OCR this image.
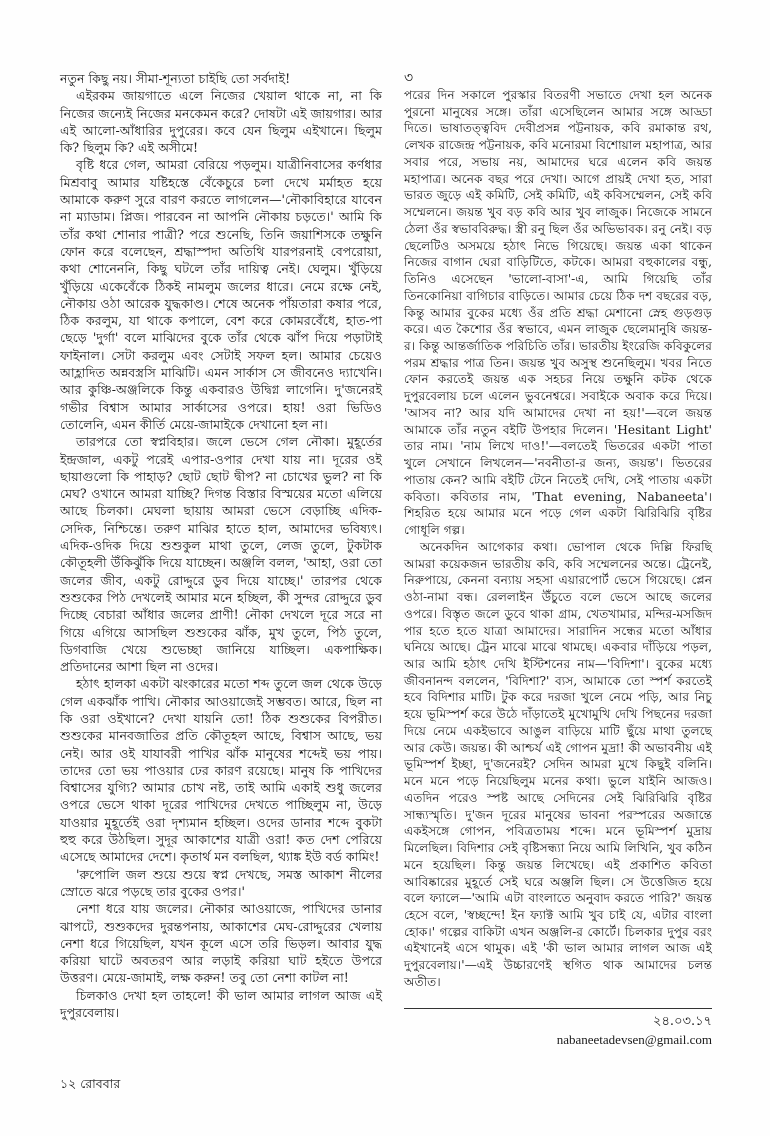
নতুন কিছু নয়। সীমা-শূন্যতা চাইছি তো সর্বদাই!

এইরকম জায়গাতে এলে নিজের খেয়াল থাকে না, না কি নিজের জন্যেই নিজের মনকেমন করে? দোষটা এই জায়গার। আর এই আলো-আঁধারির দুপুরের। কবে যেন ছিলুম এইখানে। ছিলুম কি? ছিলুম কি? এই অসীমে!

বৃষ্টি ধরে গেল, আমরা বেরিয়ে পড়লুম। যাত্রীনিবাসের কর্ণধার মিশ্রবাবু আমার যষ্টিহস্তে বেঁকেচুরে চলা দেখে মর্মাহত হয়ে আমাকে করুণ সুরে বারণ করতে লাগলেন—'নৌকাবিহারে যাবেন না ম্যাডাম। প্লিজ। পারবেন না আপনি নৌকায় চড়তে।' আমি কি তাঁর কথা শোনার পাত্রী? পরে শুনেছি, তিনি জয়াশিসকে তক্ষুনি ফোন করে বলেছেন, শ্রদ্ধাস্পদা অতিথি যারপরনাই বেপরোয়া, কথা শোনেননি, কিছু ঘটলে তাঁর দায়িত্ব নেই। ঘেলুম। খুঁড়িয়ে খুঁড়িয়ে একেবেঁকে ঠিকই নামলুম জলের ধারে। নেমে রক্ষে নেই, নৌকায় ওঠা আরেক যুদ্ধকাণ্ড। শেষে অনেক পাঁয়তারা কষার পরে, ঠিক করলুম, যা থাকে কপালে, বেশ করে কোমরবেঁধে, হাত-পা ছেড়ে 'দুর্গা' বলে মাঝিদের বুকে তাঁর থেকে ঝাঁপ দিয়ে পড়াটাই ফাইনাল। সেটা করলুম এবং সেটাই সফল হল। আমার চেয়েও আহ্লাদিত অন্নবস্ত্রসি মাঝিটি। এমন সার্কাস সে জীবনেও দ্যাখেনি। আর কুঞ্চি-অঞ্জলিকে কিন্তু একবারও উদ্বিগ্ন লাগেনি। দু'জনেরই গভীর বিশ্বাস আমার সার্কাসের ওপরে। হায়! ওরা ভিডিও তোলেনি, এমন কীর্তি মেয়ে-জামাইকে দেখানো হল না।

তারপরে তো স্বপ্নবিহার। জলে ভেসে গেল নৌকা। মুহূর্তের ইন্দ্রজাল, একটু পরেই এপার-ওপার দেখা যায় না। দূরের ওই ছায়াগুলো কি পাহাড়? ছোট ছোট দ্বীপ? না চোখের ভুল? না কি মেঘ? ওখানে আমরা যাচ্ছি? দিগন্ত বিস্তার বিস্ময়ের মতো এলিয়ে আছে চিলকা। মেঘলা ছায়ায় আমরা ভেসে বেড়াচ্ছি এদিক-সেদিক, নিশ্চিন্তে। তরুণ মাঝির হাতে হাল, আমাদের ভবিষ্যৎ। এদিক-ওদিক দিয়ে শুশুকুল মাথা তুলে, লেজ তুলে, টুকটাক কৌতূহলী উঁকিঝুঁকি দিয়ে যাচ্ছেন। অঞ্জলি বলল, 'আহা, ওরা তো জলের জীব, একটু রোদ্দুরে ডুব দিয়ে যাচ্ছে।' তারপর থেকে শুশুকের পিঠ দেখলেই আমার মনে হচ্ছিল, কী সুন্দর রোদ্দুরে ডুব দিচ্ছে বেচারা আঁধার জলের প্রাণী! নৌকা দেখলে দূরে সরে না গিয়ে এগিয়ে আসছিল শুশুকের ঝাঁক, মুখ তুলে, পিঠ তুলে, ডিগবাজি খেয়ে শুভেচ্ছা জানিয়ে যাচ্ছিল। একপাক্ষিক। প্রতিদানের আশা ছিল না ওদের।

হঠাৎ হালকা একটা ঝংকারের মতো শব্দ তুলে জল থেকে উড়ে গেল একঝাঁক পাখি। নৌকার আওয়াজেই সম্ভবত। আরে, ছিল না কি ওরা ওইখানে? দেখা যায়নি তো! ঠিক শুশুকের বিপরীত। শুশুকের মানবজাতির প্রতি কৌতূহল আছে, বিশ্বাস আছে, ভয় নেই। আর ওই যাযাবরী পাখির ঝাঁক মানুষের শব্দেই ভয় পায়। তাদের তো ভয় পাওয়ার ঢের কারণ রয়েছে। মানুষ কি পাখিদের বিশ্বাসের যুগ্যি? আমার চোখ নষ্ট, তাই আমি একাই শুধু জলের ওপরে ভেসে থাকা দূরের পাখিদের দেখতে পাচ্ছিলুম না, উড়ে যাওয়ার মুহূর্তেই ওরা দৃশ্যমান হচ্ছিল। ওদের ডানার শব্দে বুকটা হুহু করে উঠছিল। সুদূর আকাশের যাত্রী ওরা! কত দেশ পেরিয়ে এসেছে আমাদের দেশে। কৃতার্থ মন বলছিল, থ্যাঙ্ক ইউ বর্ড কামিং!

'রুপোলি জল শুয়ে শুয়ে স্বপ্ন দেখছে, সমস্ত আকাশ নীলের স্রোতে ঝরে পড়ছে তার বুকের ওপর।'

নেশা ধরে যায় জলের। নৌকার আওয়াজে, পাখিদের ডানার ঝাপটে, শুশুকদের দুরন্তপনায়, আকাশের মেঘ-রোদ্দুরের খেলায় নেশা ধরে গিয়েছিল, যখন কূলে এসে তরি ভিড়ল। আবার যুদ্ধ করিয়া ঘাটে অবতরণ আর লড়াই করিয়া ঘাট হইতে উপরে উত্তরণ। মেয়ে-জামাই, লক্ষ করুন! তবু তো নেশা কাটল না!

চিলকাও দেখা হল তাহলে! কী ভাল আমার লাগল আজ এই দুপুরবেলায়।

৩

পরের দিন সকালে পুরস্কার বিতরণী সভাতে দেখা হল অনেক পুরনো মানুষের সঙ্গে। তাঁরা এসেছিলেন আমার সঙ্গে আড্ডা দিতে। ভাষাতত্ত্ববিদ দেবীপ্রসন্ন পট্টনায়ক, কবি রমাকান্ত রথ, লেখক রাজেন্দ্র পট্টনায়ক, কবি মনোরমা বিশোয়াল মহাপাত্র, আর সবার পরে, সভায় নয়, আমাদের ঘরে এলেন কবি জয়ন্ত মহাপাত্র। অনেক বছর পরে দেখা। আগে প্রায়ই দেখা হত, সারা ভারত জুড়ে এই কমিটি, সেই কমিটি, এই কবিসম্মেলন, সেই কবি সম্মেলনে। জয়ন্ত খুব বড় কবি আর খুব লাজুক। নিজেকে সামনে ঠেলা ওঁর স্বভাববিরুদ্ধ। স্ত্রী রনু ছিল ওঁর অভিভাবক। রনু নেই। বড় ছেলেটিও অসময়ে হঠাৎ নিভে গিয়েছে। জয়ন্ত একা থাকেন নিজের বাগান ঘেরা বাড়িটিতে, কটকে। আমরা বহুকালের বন্ধু, তিনিও এসেছেন 'ভালো-বাসা'-এ, আমি গিয়েছি তাঁর তিনকোনিয়া বাগিচার বাড়িতে। আমার চেয়ে ঠিক দশ বছরের বড়, কিন্তু আমার বুকের মধ্যে ওঁর প্রতি শ্রদ্ধা মেশানো স্নেহ গুড়গুড় করে। এত কৈশোর ওঁর স্বভাবে, এমন লাজুক ছেলেমানুষি জয়ন্ত-র। কিন্তু আন্তর্জাতিক পরিচিতি তাঁর। ভারতীয় ইংরেজি কবিকুলের পরম শ্রদ্ধার পাত্র তিন। জয়ন্ত খুব অসুস্থ শুনেছিলুম। খবর নিতে ফোন করতেই জয়ন্ত এক সহচর নিয়ে তক্ষুনি কটক থেকে দুপুরবেলায় চলে এলেন ভুবনেশ্বরে। সবাইকে অবাক করে দিয়ে। 'আসব না? আর যদি আমাদের দেখা না হয়!'—বলে জয়ন্ত আমাকে তাঁর নতুন বইটি উপহার দিলেন। 'Hesitant Light' তার নাম। 'নাম লিখে দাও!'—বলতেই ভিতরের একটা পাতা খুলে সেখানে লিখলেন—'নবনীতা-র জন্য, জয়ন্ত'। ভিতরের পাতায় কেন? আমি বইটি টেনে নিতেই দেখি, সেই পাতায় একটা কবিতা। কবিতার নাম, 'That evening, Nabaneeta'। শিহরিত হয়ে আমার মনে পড়ে গেল একটা ঝিরিঝিরি বৃষ্টির গোধূলি গল্প।

অনেকদিন আগেকার কথা। ভোপাল থেকে দিল্লি ফিরছি আমরা কয়েকজন ভারতীয় কবি, কবি সম্মেলনের অন্তে। ট্রেনেই, নিরুপায়ে, কেননা বন্যায় সহসা এয়ারপোর্ট ভেসে গিয়েছে। প্লেন ওঠা-নামা বন্ধ। রেললাইন উঁচুতে বলে ভেসে আছে জলের ওপরে। বিস্তৃত জলে ডুবে থাকা গ্রাম, খেতখামার, মন্দির-মসজিদ পার হতে হতে যাত্রা আমাদের। সারাদিন সন্ধের মতো আঁধার ঘনিয়ে আছে। ট্রেন মাঝে মাঝে থামছে। একবার দাঁড়িয়ে পড়ল, আর আমি হঠাৎ দেখি ইস্টিশনের নাম—'বিদিশা'। বুকের মধ্যে জীবনানন্দ বললেন, 'বিদিশা?' ব্যস, আমাকে তো স্পর্শ করতেই হবে বিদিশার মাটি। টুক করে দরজা খুলে নেমে পড়ি, আর নিচু হয়ে ভূমিস্পর্শ করে উঠে দাঁড়াতেই মুখোমুখি দেখি পিছনের দরজা দিয়ে নেমে একইভাবে আঙুল বাড়িয়ে মাটি ছুঁয়ে মাথা তুলছে আর কেউ। জয়ন্ত। কী আশ্চর্য এই গোপন মুদ্রা! কী অভাবনীয় এই ভূমিস্পর্শ ইচ্ছা, দু'জনেরই? সেদিন আমরা মুখে কিছুই বলিনি। মনে মনে পড়ে নিয়েছিলুম মনের কথা। ভুলে যাইনি আজও। এতদিন পরেও স্পষ্ট আছে সেদিনের সেই ঝিরিঝিরি বৃষ্টির সান্ধ্যস্মৃতি। দু'জন দূরের মানুষের ভাবনা পরস্পরের অজান্তে একইসঙ্গে গোপন, পবিত্রতাময় শব্দে। মনে ভূমিস্পর্শ মুদ্রায় মিলেছিল। বিদিশার সেই বৃষ্টিসন্ধ্যা নিয়ে আমি লিখিনি, খুব কঠিন মনে হয়েছিল। কিন্তু জয়ন্ত লিখেছে। এই প্রকাশিত কবিতা আবিষ্কারের মুহূর্তে সেই ঘরে অঞ্জলি ছিল। সে উত্তেজিত হয়ে বলে ফ্যালে—'আমি এটা বাংলাতে অনুবাদ করতে পারি?' জয়ন্ত হেসে বলে, 'স্বচ্ছন্দে! ইন ফ্যাক্ট আমি খুব চাই যে, এটার বাংলা হোক।' গল্পের বাকিটা এখন অঞ্জলি-র কোর্টে। চিলকার দুপুর বরং এইখানেই এসে থামুক। এই 'কী ভাল আমার লাগল আজ এই দুপুরবেলায়।'—এই উচ্চারণেই স্থগিত থাক আমাদের চলন্ত অতীত।

২৪.০৩.১৭
nabaneetadevsen@gmail.com
১২ রোববার
